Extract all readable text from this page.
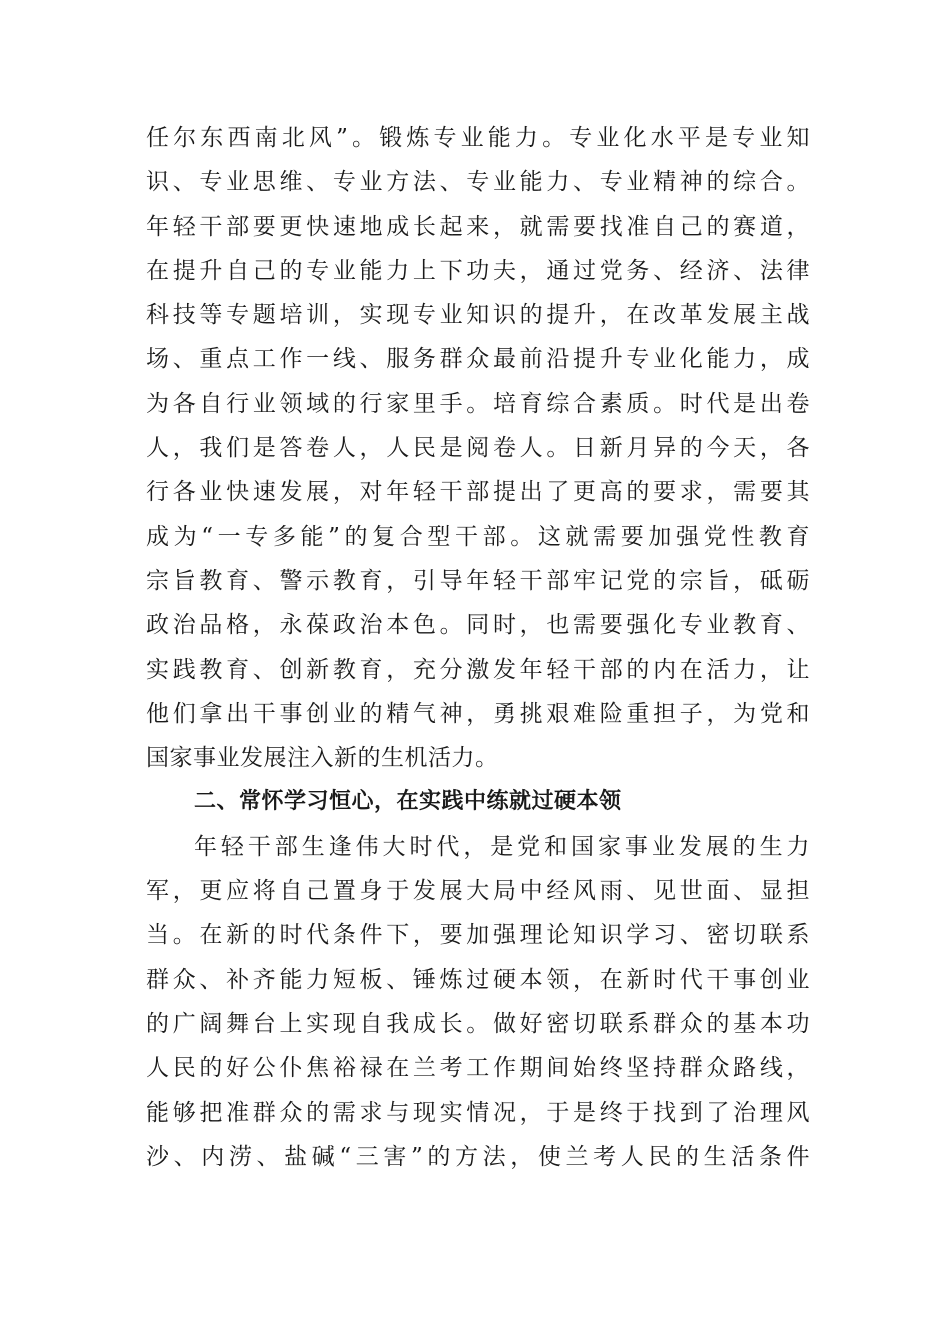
任尔东西南北风”。锻炼专业能力。专业化水平是专业知
识、专业思维、专业方法、专业能力、专业精神的综合。
年轻干部要更快速地成长起来，就需要找准自己的赛道，
在提升自己的专业能力上下功夫，通过党务、经济、法律
科技等专题培训，实现专业知识的提升，在改革发展主战
场、重点工作一线、服务群众最前沿提升专业化能力，成
为各自行业领域的行家里手。培育综合素质。时代是出卷
人，我们是答卷人，人民是阅卷人。日新月异的今天，各
行各业快速发展，对年轻干部提出了更高的要求，需要其
成为“一专多能”的复合型干部。这就需要加强党性教育
宗旨教育、警示教育，引导年轻干部牢记党的宗旨，砥砺
政治品格，永葆政治本色。同时，也需要强化专业教育、
实践教育、创新教育，充分激发年轻干部的内在活力，让
他们拿出干事创业的精气神，勇挑艰难险重担子，为党和
国家事业发展注入新的生机活力。
二、常怀学习恒心，在实践中练就过硬本领
年轻干部生逢伟大时代，是党和国家事业发展的生力
军，更应将自己置身于发展大局中经风雨、见世面、显担
当。在新的时代条件下，要加强理论知识学习、密切联系
群众、补齐能力短板、锤炼过硬本领，在新时代干事创业
的广阔舞台上实现自我成长。做好密切联系群众的基本功
人民的好公仆焦裕禄在兰考工作期间始终坚持群众路线，
能够把准群众的需求与现实情况，于是终于找到了治理风
沙、内涝、盐碱“三害”的方法，使兰考人民的生活条件
